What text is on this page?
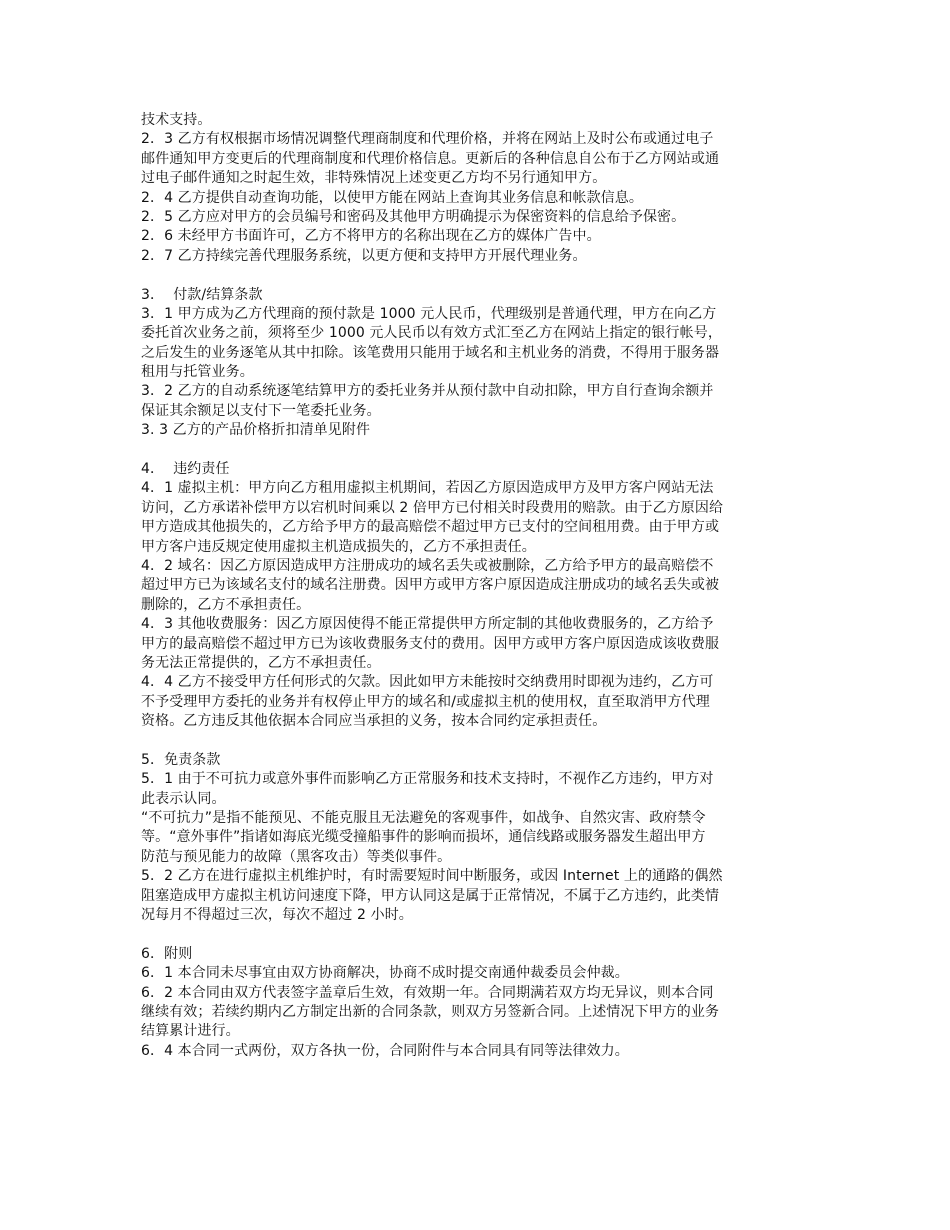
技术支持。
2．3 乙方有权根据市场情况调整代理商制度和代理价格，并将在网站上及时公布或通过电子
邮件通知甲方变更后的代理商制度和代理价格信息。更新后的各种信息自公布于乙方网站或通
过电子邮件通知之时起生效，非特殊情况上述变更乙方均不另行通知甲方。
2．4 乙方提供自动查询功能，以使甲方能在网站上查询其业务信息和帐款信息。
2．5 乙方应对甲方的会员编号和密码及其他甲方明确提示为保密资料的信息给予保密。
2．6 未经甲方书面许可，乙方不将甲方的名称出现在乙方的媒体广告中。
2．7 乙方持续完善代理服务系统，以更方便和支持甲方开展代理业务。
3．  付款/结算条款
3．1 甲方成为乙方代理商的预付款是 1000 元人民币，代理级别是普通代理，甲方在向乙方
委托首次业务之前，须将至少 1000 元人民币以有效方式汇至乙方在网站上指定的银行帐号，
之后发生的业务逐笔从其中扣除。该笔费用只能用于域名和主机业务的消费，不得用于服务器
租用与托管业务。
3．2 乙方的自动系统逐笔结算甲方的委托业务并从预付款中自动扣除，甲方自行查询余额并
保证其余额足以支付下一笔委托业务。
3. 3 乙方的产品价格折扣清单见附件
4．  违约责任
4．1 虚拟主机：甲方向乙方租用虚拟主机期间，若因乙方原因造成甲方及甲方客户网站无法
访问，乙方承诺补偿甲方以宕机时间乘以 2 倍甲方已付相关时段费用的赔款。由于乙方原因给
甲方造成其他损失的，乙方给予甲方的最高赔偿不超过甲方已支付的空间租用费。由于甲方或
甲方客户违反规定使用虚拟主机造成损失的，乙方不承担责任。
4．2 域名：因乙方原因造成甲方注册成功的域名丢失或被删除，乙方给予甲方的最高赔偿不
超过甲方已为该域名支付的域名注册费。因甲方或甲方客户原因造成注册成功的域名丢失或被
删除的，乙方不承担责任。
4．3 其他收费服务：因乙方原因使得不能正常提供甲方所定制的其他收费服务的，乙方给予
甲方的最高赔偿不超过甲方已为该收费服务支付的费用。因甲方或甲方客户原因造成该收费服
务无法正常提供的，乙方不承担责任。
4．4 乙方不接受甲方任何形式的欠款。因此如甲方未能按时交纳费用时即视为违约，乙方可
不予受理甲方委托的业务并有权停止甲方的域名和/或虚拟主机的使用权，直至取消甲方代理
资格。乙方违反其他依据本合同应当承担的义务，按本合同约定承担责任。
5．免责条款
5．1 由于不可抗力或意外事件而影响乙方正常服务和技术支持时，不视作乙方违约，甲方对
此表示认同。
“不可抗力”是指不能预见、不能克服且无法避免的客观事件，如战争、自然灾害、政府禁令
等。“意外事件”指诸如海底光缆受撞船事件的影响而损坏，通信线路或服务器发生超出甲方
防范与预见能力的故障（黑客攻击）等类似事件。
5．2 乙方在进行虚拟主机维护时，有时需要短时间中断服务，或因 Internet 上的通路的偶然
阻塞造成甲方虚拟主机访问速度下降，甲方认同这是属于正常情况，不属于乙方违约，此类情
况每月不得超过三次，每次不超过 2 小时。
6．附则
6．1 本合同未尽事宜由双方协商解决，协商不成时提交南通仲裁委员会仲裁。
6．2 本合同由双方代表签字盖章后生效，有效期一年。合同期满若双方均无异议，则本合同
继续有效；若续约期内乙方制定出新的合同条款，则双方另签新合同。上述情况下甲方的业务
结算累计进行。
6．4 本合同一式两份，双方各执一份，合同附件与本合同具有同等法律效力。
